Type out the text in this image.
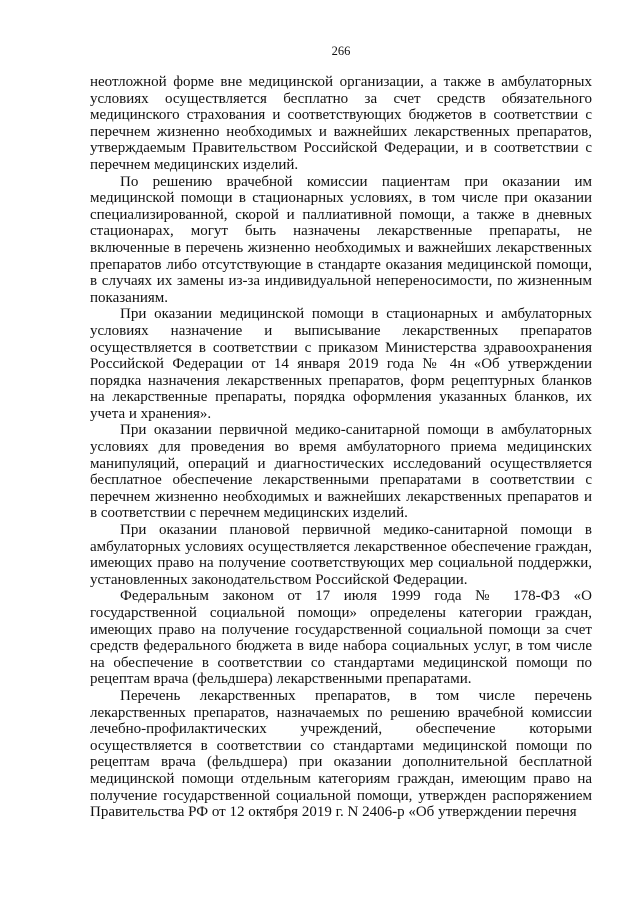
266

неотложной форме вне медицинской организации, а также в амбулаторных условиях осуществляется бесплатно за счет средств обязательного медицинского страхования и соответствующих бюджетов в соответствии с перечнем жизненно необходимых и важнейших лекарственных препаратов, утверждаемым Правительством Российской Федерации, и в соответствии с перечнем медицинских изделий.

По решению врачебной комиссии пациентам при оказании им медицинской помощи в стационарных условиях, в том числе при оказании специализированной, скорой и паллиативной помощи, а также в дневных стационарах, могут быть назначены лекарственные препараты, не включенные в перечень жизненно необходимых и важнейших лекарственных препаратов либо отсутствующие в стандарте оказания медицинской помощи, в случаях их замены из-за индивидуальной непереносимости, по жизненным показаниям.

При оказании медицинской помощи в стационарных и амбулаторных условиях назначение и выписывание лекарственных препаратов осуществляется в соответствии с приказом Министерства здравоохранения Российской Федерации от 14 января 2019 года № 4н «Об утверждении порядка назначения лекарственных препаратов, форм рецептурных бланков на лекарственные препараты, порядка оформления указанных бланков, их учета и хранения».

При оказании первичной медико-санитарной помощи в амбулаторных условиях для проведения во время амбулаторного приема медицинских манипуляций, операций и диагностических исследований осуществляется бесплатное обеспечение лекарственными препаратами в соответствии с перечнем жизненно необходимых и важнейших лекарственных препаратов и в соответствии с перечнем медицинских изделий.

При оказании плановой первичной медико-санитарной помощи в амбулаторных условиях осуществляется лекарственное обеспечение граждан, имеющих право на получение соответствующих мер социальной поддержки, установленных законодательством Российской Федерации.

Федеральным законом от 17 июля 1999 года № 178-ФЗ «О государственной социальной помощи» определены категории граждан, имеющих право на получение государственной социальной помощи за счет средств федерального бюджета в виде набора социальных услуг, в том числе на обеспечение в соответствии со стандартами медицинской помощи по рецептам врача (фельдшера) лекарственными препаратами.

Перечень лекарственных препаратов, в том числе перечень лекарственных препаратов, назначаемых по решению врачебной комиссии лечебно-профилактических учреждений, обеспечение которыми осуществляется в соответствии со стандартами медицинской помощи по рецептам врача (фельдшера) при оказании дополнительной бесплатной медицинской помощи отдельным категориям граждан, имеющим право на получение государственной социальной помощи, утвержден распоряжением Правительства РФ от 12 октября 2019 г. N 2406-р «Об утверждении перечня
